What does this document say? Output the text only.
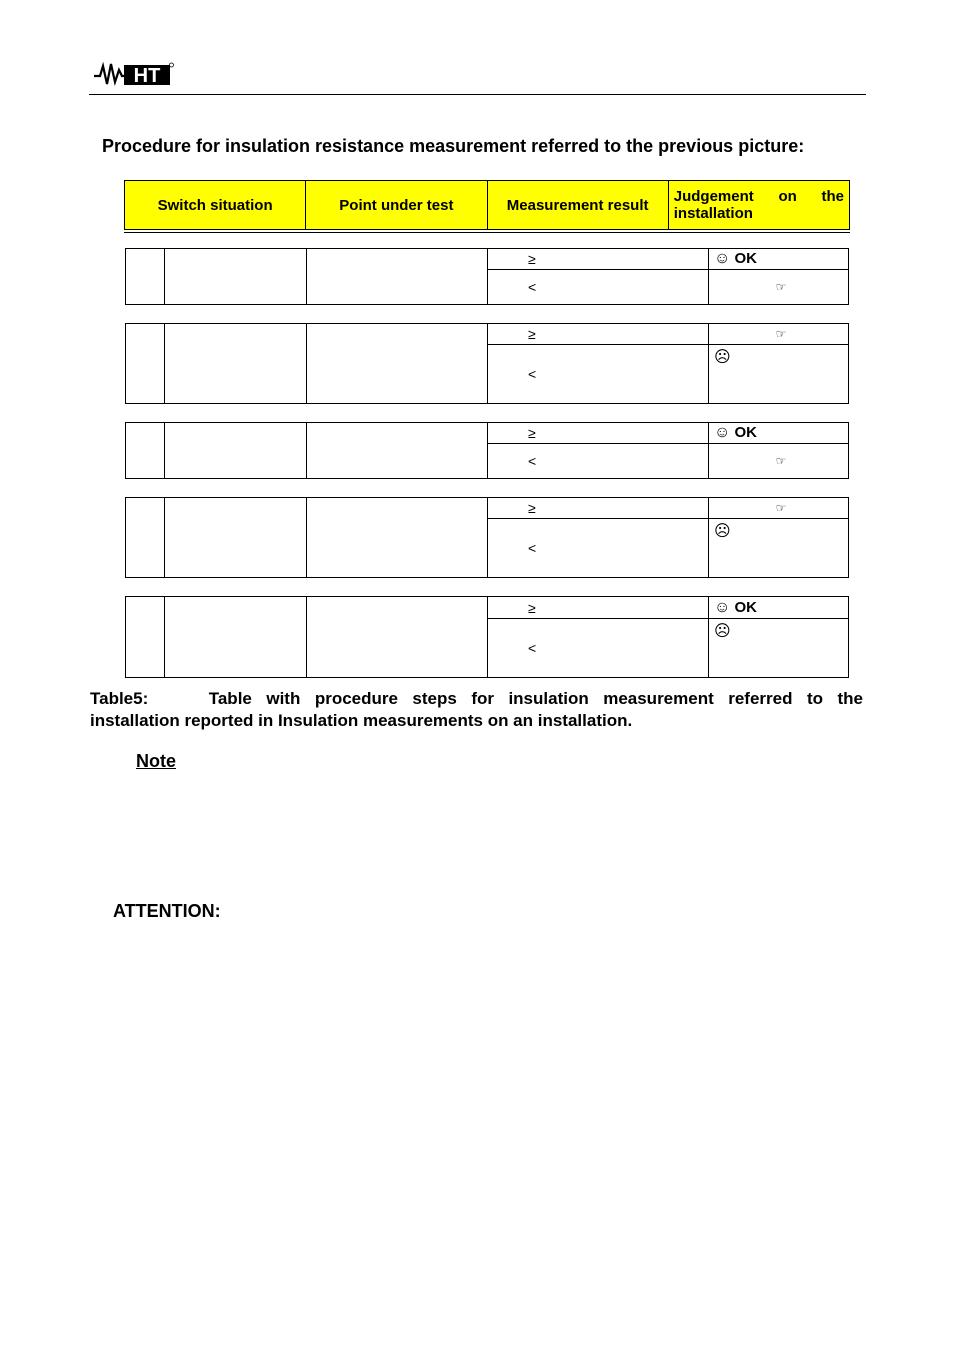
HT
Procedure for insulation resistance measurement referred to the previous picture:
Switch situation	Point under test	Measurement result	Judgement on the
installation
			≥	☺ OK
			<	☞
			≥	☞
			<	☹
			≥	☺ OK
			<	☞
			≥	☞
			<	☹
			≥	☺ OK
			<	☹
Table5:	Table with procedure steps for insulation measurement referred to the
installation reported in Insulation measurements on an installation.
Note
ATTENTION:
